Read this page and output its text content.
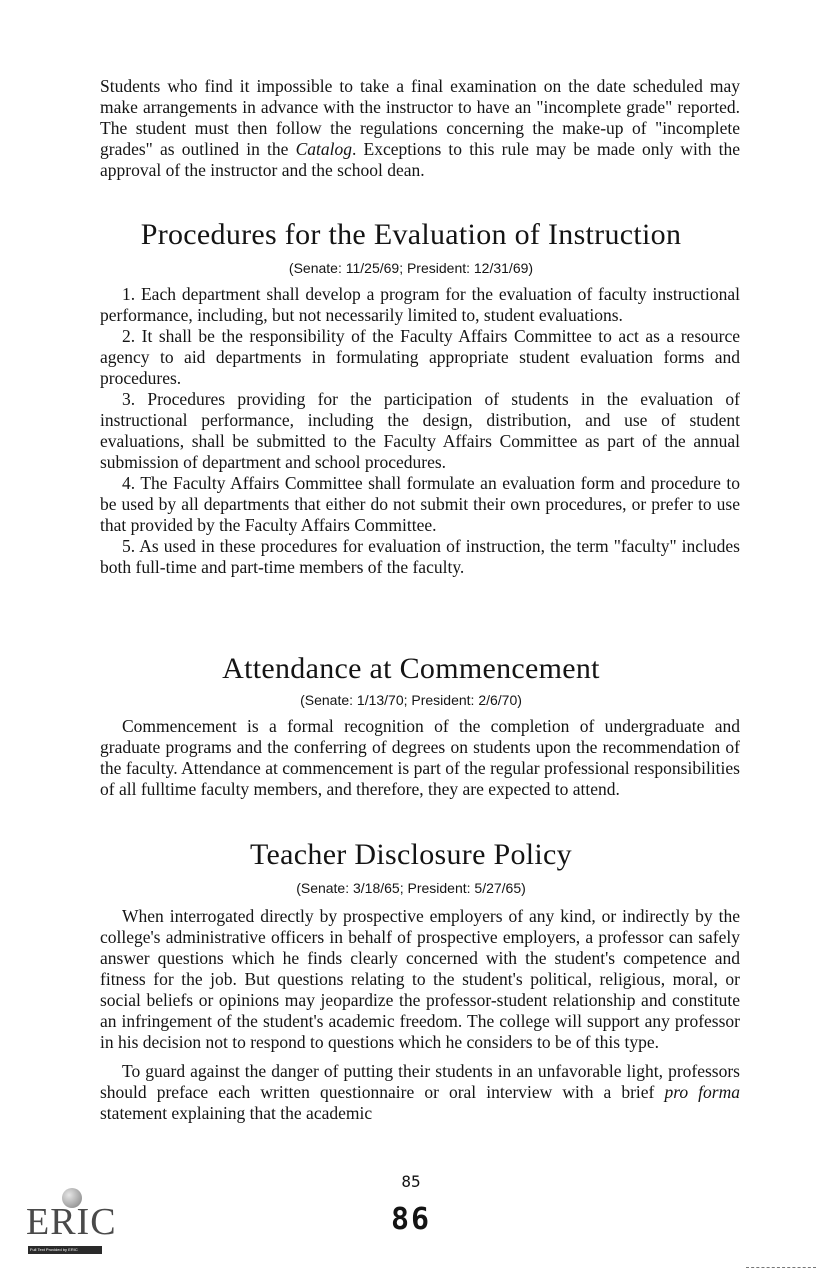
Students who find it impossible to take a final examination on the date scheduled may make arrangements in advance with the instructor to have an "incomplete grade" reported. The student must then follow the regulations concerning the make-up of "incomplete grades" as outlined in the Catalog. Exceptions to this rule may be made only with the approval of the instructor and the school dean.

Procedures for the Evaluation of Instruction
(Senate: 11/25/69; President: 12/31/69)

1. Each department shall develop a program for the evaluation of faculty instructional performance, including, but not necessarily limited to, student evaluations.

2. It shall be the responsibility of the Faculty Affairs Committee to act as a resource agency to aid departments in formulating appropriate student evaluation forms and procedures.

3. Procedures providing for the participation of students in the evaluation of instructional performance, including the design, distribution, and use of student evaluations, shall be submitted to the Faculty Affairs Committee as part of the annual submission of department and school procedures.

4. The Faculty Affairs Committee shall formulate an evaluation form and procedure to be used by all departments that either do not submit their own procedures, or prefer to use that provided by the Faculty Affairs Committee.

5. As used in these procedures for evaluation of instruction, the term "faculty" includes both full-time and part-time members of the faculty.

Attendance at Commencement
(Senate: 1/13/70; President: 2/6/70)

Commencement is a formal recognition of the completion of undergraduate and graduate programs and the conferring of degrees on students upon the recommendation of the faculty. Attendance at commencement is part of the regular professional responsibilities of all fulltime faculty members, and therefore, they are expected to attend.

Teacher Disclosure Policy
(Senate: 3/18/65; President: 5/27/65)

When interrogated directly by prospective employers of any kind, or indirectly by the college's administrative officers in behalf of prospective employers, a professor can safely answer questions which he finds clearly concerned with the student's competence and fitness for the job. But questions relating to the student's political, religious, moral, or social beliefs or opinions may jeopardize the professor-student relationship and constitute an infringement of the student's academic freedom. The college will support any professor in his decision not to respond to questions which he considers to be of this type.

To guard against the danger of putting their students in an unfavorable light, professors should preface each written questionnaire or oral interview with a brief pro forma statement explaining that the academic

85
86
ERIC
Full Text Provided by ERIC
